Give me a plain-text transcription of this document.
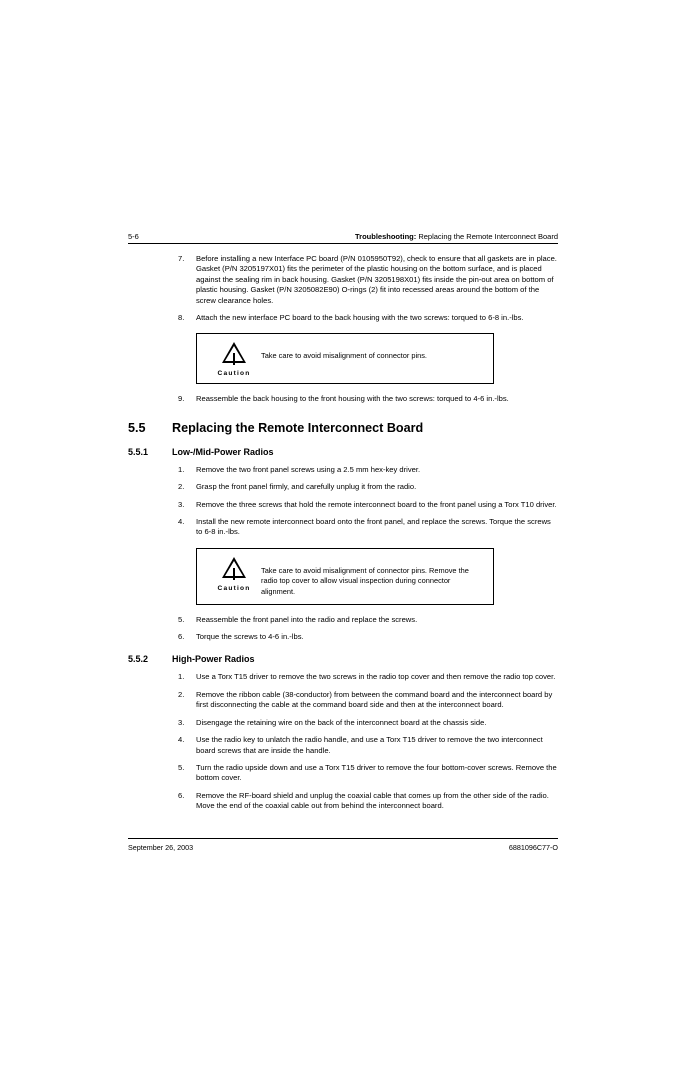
5-6	Troubleshooting: Replacing the Remote Interconnect Board
7.	Before installing a new Interface PC board (P/N 0105950T92), check to ensure that all gaskets are in place. Gasket (P/N 3205197X01) fits the perimeter of the plastic housing on the bottom surface, and is placed against the sealing rim in back housing. Gasket (P/N 3205198X01) fits inside the pin-out area on bottom of plastic housing. Gasket (P/N 3205082E90) O-rings (2) fit into recessed areas around the bottom of the screw clearance holes.
8.	Attach the new interface PC board to the back housing with the two screws: torqued to 6-8 in.-lbs.
Caution
Take care to avoid misalignment of connector pins.
9.	Reassemble the back housing to the front housing with the two screws: torqued to 4-6 in.-lbs.
5.5	Replacing the Remote Interconnect Board
5.5.1	Low-/Mid-Power Radios
1.	Remove the two front panel screws using a 2.5 mm hex-key driver.
2.	Grasp the front panel firmly, and carefully unplug it from the radio.
3.	Remove the three screws that hold the remote interconnect board to the front panel using a Torx T10 driver.
4.	Install the new remote interconnect board onto the front panel, and replace the screws. Torque the screws to 6-8 in.-lbs.
Caution
Take care to avoid misalignment of connector pins. Remove the radio top cover to allow visual inspection during connector alignment.
5.	Reassemble the front panel into the radio and replace the screws.
6.	Torque the screws to 4-6 in.-lbs.
5.5.2	High-Power Radios
1.	Use a Torx T15 driver to remove the two screws in the radio top cover and then remove the radio top cover.
2.	Remove the ribbon cable (38-conductor) from between the command board and the interconnect board by first disconnecting the cable at the command board side and then at the interconnect board.
3.	Disengage the retaining wire on the back of the interconnect board at the chassis side.
4.	Use the radio key to unlatch the radio handle, and use a Torx T15 driver to remove the two interconnect board screws that are inside the handle.
5.	Turn the radio upside down and use a Torx T15 driver to remove the four bottom-cover screws. Remove the bottom cover.
6.	Remove the RF-board shield and unplug the coaxial cable that comes up from the other side of the radio. Move the end of the coaxial cable out from behind the interconnect board.
September 26, 2003	6881096C77-O
